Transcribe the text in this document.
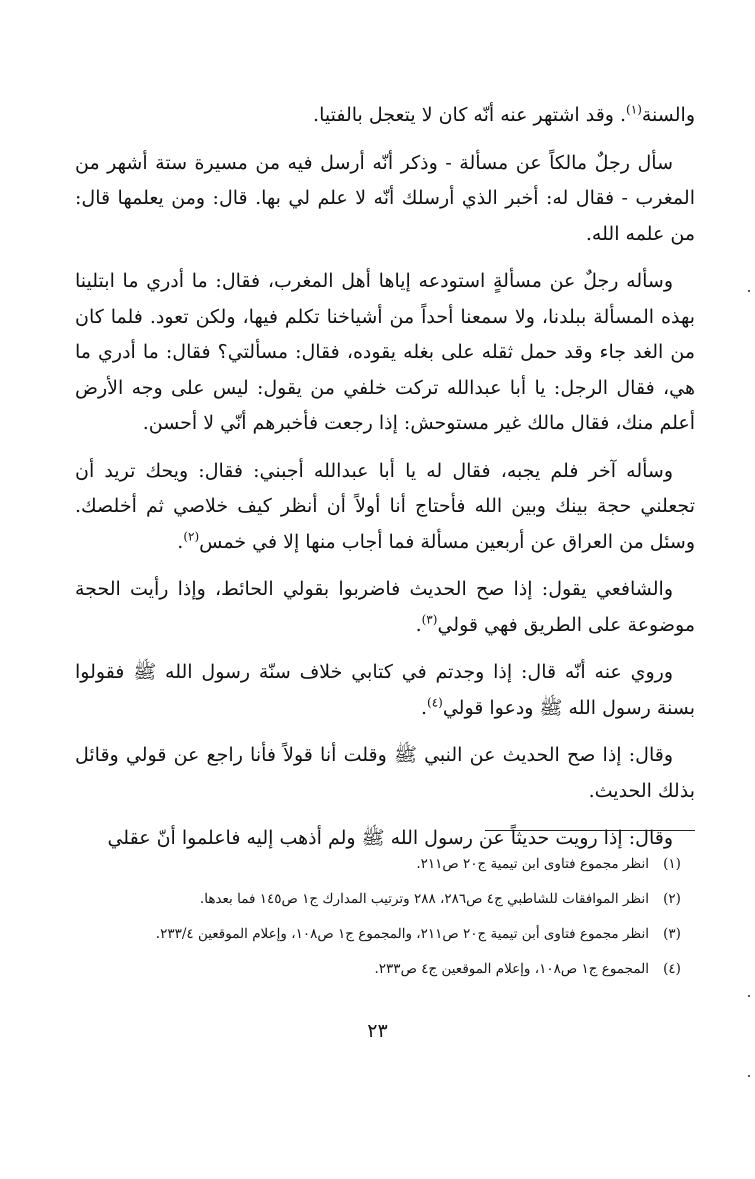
والسنة$^{(١)}$. وقد اشتهر عنه أنّه كان لا يتعجل بالفتيا.

سأل رجلٌ مالكاً عن مسألة - وذكر أنّه أرسل فيه من مسيرة ستة أشهر من المغرب - فقال له: أخبر الذي أرسلك أنّه لا علم لي بها. قال: ومن يعلمها قال: من علمه الله.

وسأله رجلٌ عن مسألةٍ استودعه إياها أهل المغرب، فقال: ما أدري ما ابتلينا بهذه المسألة ببلدنا، ولا سمعنا أحداً من أشياخنا تكلم فيها، ولكن تعود. فلما كان من الغد جاء وقد حمل ثقله على بغله يقوده، فقال: مسألتي؟ فقال: ما أدري ما هي، فقال الرجل: يا أبا عبدالله تركت خلفي من يقول: ليس على وجه الأرض أعلم منك، فقال مالك غير مستوحش: إذا رجعت فأخبرهم أنّي لا أحسن.

وسأله آخر فلم يجبه، فقال له يا أبا عبدالله أجبني: فقال: ويحك تريد أن تجعلني حجة بينك وبين الله فأحتاج أنا أولاً أن أنظر كيف خلاصي ثم أخلصك. وسئل من العراق عن أربعين مسألة فما أجاب منها إلا في خمس$^{(٢)}$.

والشافعي يقول: إذا صح الحديث فاضربوا بقولي الحائط، وإذا رأيت الحجة موضوعة على الطريق فهي قولي$^{(٣)}$.

وروي عنه أنّه قال: إذا وجدتم في كتابي خلاف سنّة رسول الله ﷺ فقولوا بسنة رسول الله ﷺ ودعوا قولي$^{(٤)}$.

وقال: إذا صح الحديث عن النبي ﷺ وقلت أنا قولاً فأنا راجع عن قولي وقائل بذلك الحديث.

وقال: إذا رويت حديثاً عن رسول الله ﷺ ولم أذهب إليه فاعلموا أنّ عقلي

(١)
انظر مجموع فتاوى ابن تيمية ج٢٠ ص٢١١.
(٢)
انظر الموافقات للشاطبي ج٤ ص٢٨٦، ٢٨٨ وترتيب المدارك ج١ ص١٤٥ فما بعدها.
(٣)
انظر مجموع فتاوى أبن تيمية ج٢٠ ص٢١١، والمجموع ج١ ص١٠٨، وإعلام الموقعين ٢٣٣/٤.
(٤)
المجموع ج١ ص١٠٨، وإعلام الموقعين ج٤ ص٢٣٣.
٢٣
